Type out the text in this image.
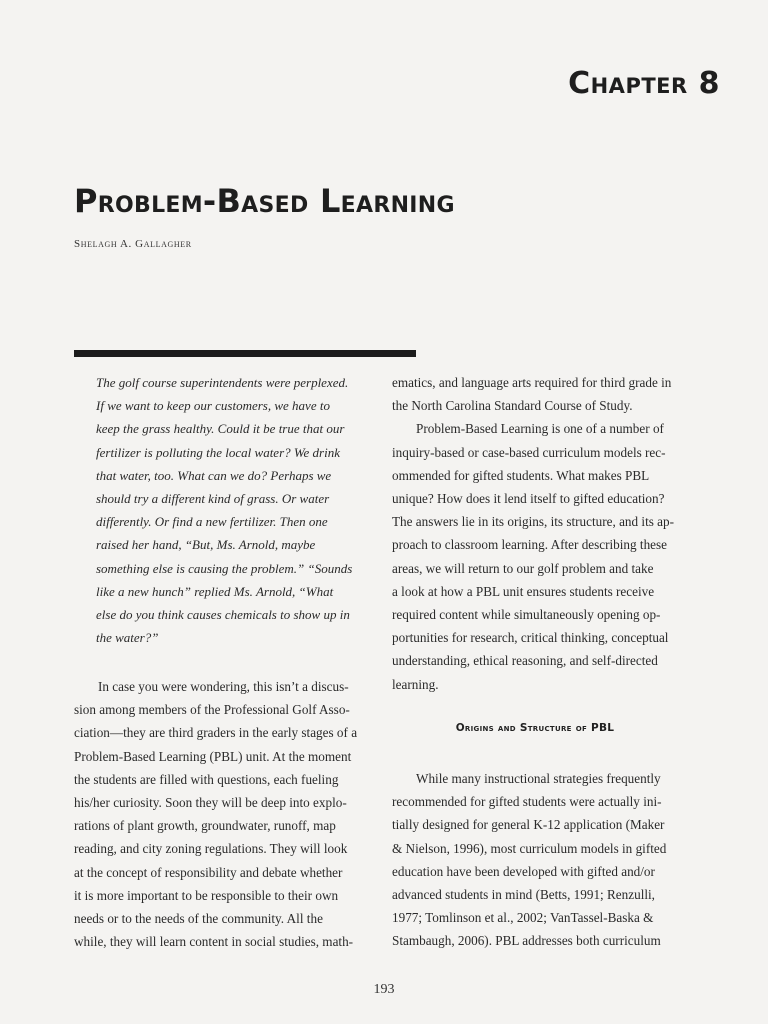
Chapter 8
Problem-Based Learning

Shelagh A. Gallagher

The golf course superintendents were perplexed.

If we want to keep our customers, we have to

keep the grass healthy. Could it be true that our

fertilizer is polluting the local water? We drink

that water, too. What can we do? Perhaps we

should try a different kind of grass. Or water

differently. Or find a new fertilizer. Then one

raised her hand, “But, Ms. Arnold, maybe

something else is causing the problem.” “Sounds

like a new hunch” replied Ms. Arnold, “What

else do you think causes chemicals to show up in

the water?”

In case you were wondering, this isn’t a discus-

sion among members of the Professional Golf Asso-

ciation—they are third graders in the early stages of a

Problem-Based Learning (PBL) unit. At the moment

the students are filled with questions, each fueling

his/her curiosity. Soon they will be deep into explo-

rations of plant growth, groundwater, runoff, map

reading, and city zoning regulations. They will look

at the concept of responsibility and debate whether

it is more important to be responsible to their own

needs or to the needs of the community. All the

while, they will learn content in social studies, math-

ematics, and language arts required for third grade in

the North Carolina Standard Course of Study.

Problem-Based Learning is one of a number of

inquiry-based or case-based curriculum models rec-

ommended for gifted students. What makes PBL

unique? How does it lend itself to gifted education?

The answers lie in its origins, its structure, and its ap-

proach to classroom learning. After describing these

areas, we will return to our golf problem and take

a look at how a PBL unit ensures students receive

required content while simultaneously opening op-

portunities for research, critical thinking, conceptual

understanding, ethical reasoning, and self-directed

learning.

Origins and Structure of PBL

While many instructional strategies frequently

recommended for gifted students were actually ini-

tially designed for general K-12 application (Maker

& Nielson, 1996), most curriculum models in gifted

education have been developed with gifted and/or

advanced students in mind (Betts, 1991; Renzulli,

1977; Tomlinson et al., 2002; VanTassel-Baska &

Stambaugh, 2006). PBL addresses both curriculum

193
